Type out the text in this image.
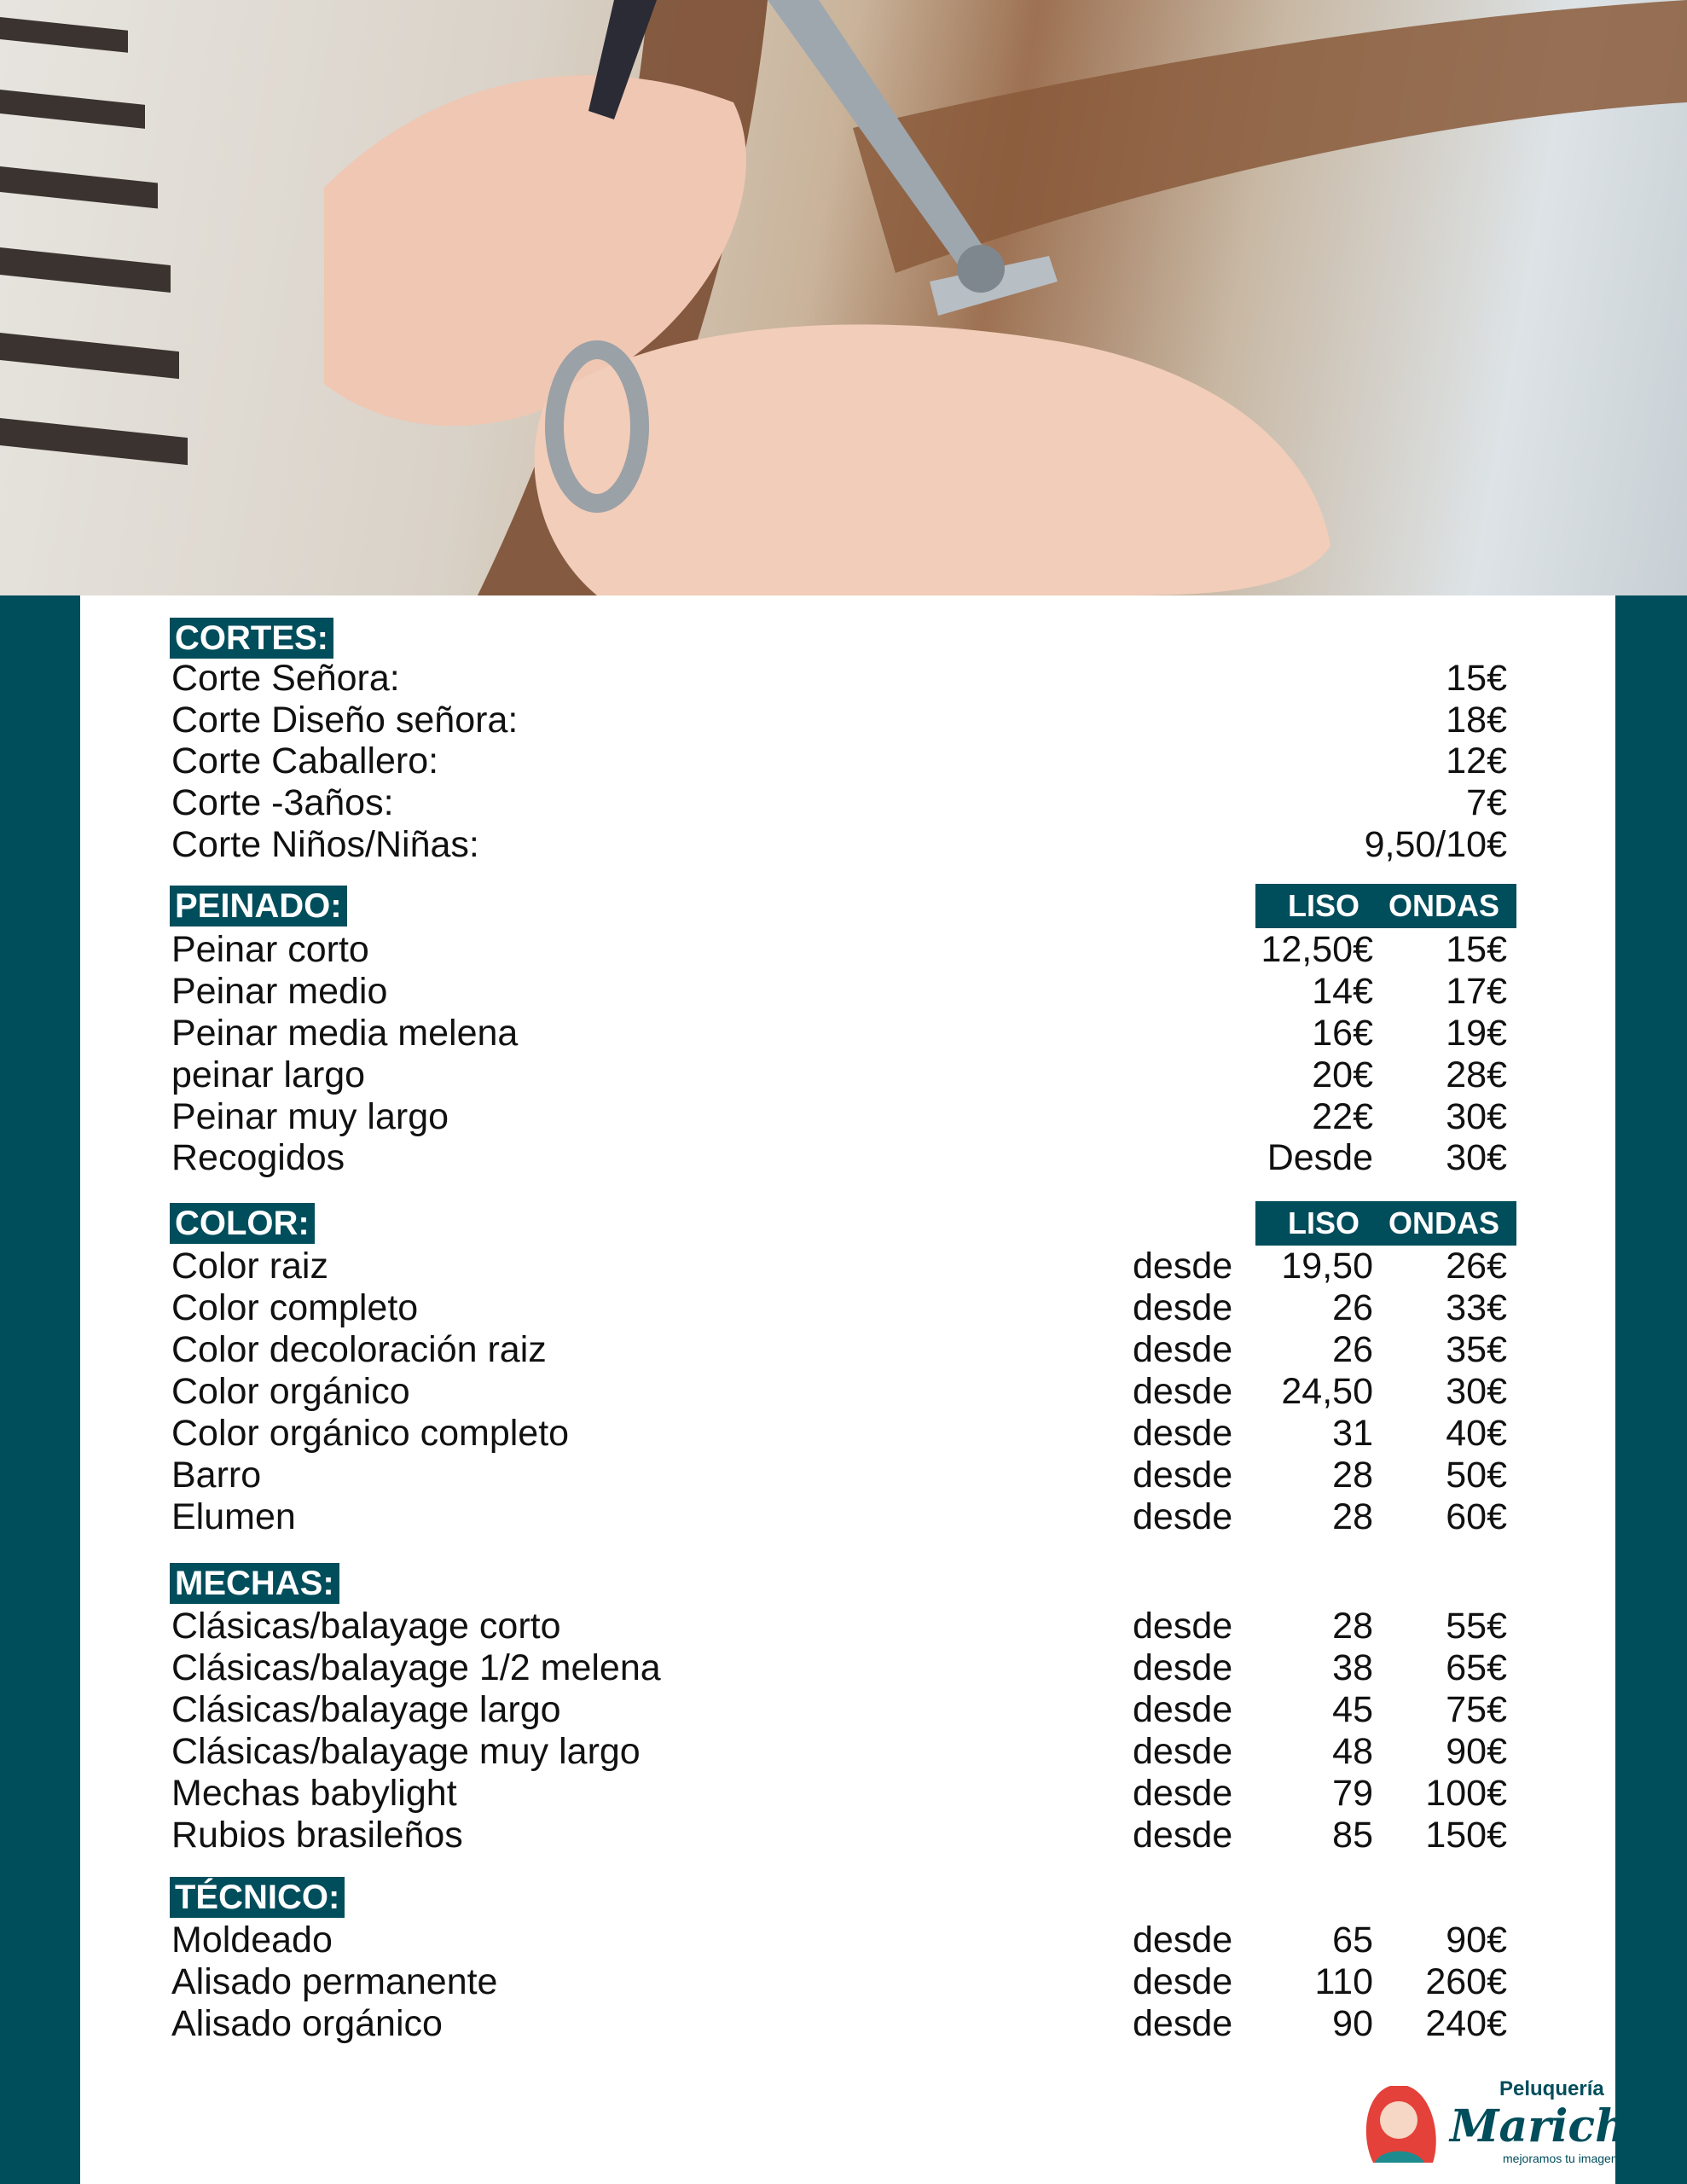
CORTES:
Corte Señora:	15€
Corte Diseño señora:	18€
Corte Caballero:	12€
Corte -3años:	7€
Corte Niños/Niñas:	9,50/10€
PEINADO:	LISO ONDAS
Peinar corto	12,50€ 15€
Peinar medio	14€ 17€
Peinar media melena	16€ 19€
peinar largo	20€ 28€
Peinar muy largo	22€ 30€
Recogidos	Desde 30€
COLOR:	LISO ONDAS
Color raiz	desde 19,50 26€
Color completo	desde	26 33€
Color decoloración raiz	desde	26 35€
Color orgánico	desde 24,50 30€
Color orgánico completo	desde	31 40€
Barro	desde	28 50€
Elumen	desde	28 60€
MECHAS:
Clásicas/balayage corto	desde	28 55€
Clásicas/balayage 1/2 melena	desde	38 65€
Clásicas/balayage largo	desde	45 75€
Clásicas/balayage muy largo	desde	48 90€
Mechas babylight	desde	79 100€
Rubios brasileños	desde	85 150€
TÉCNICO:
Moldeado	desde	65 90€
Alisado permanente	desde 110 260€
Alisado orgánico	desde	90 240€
Peluquería
Marichel
mejoramos tu imagen
